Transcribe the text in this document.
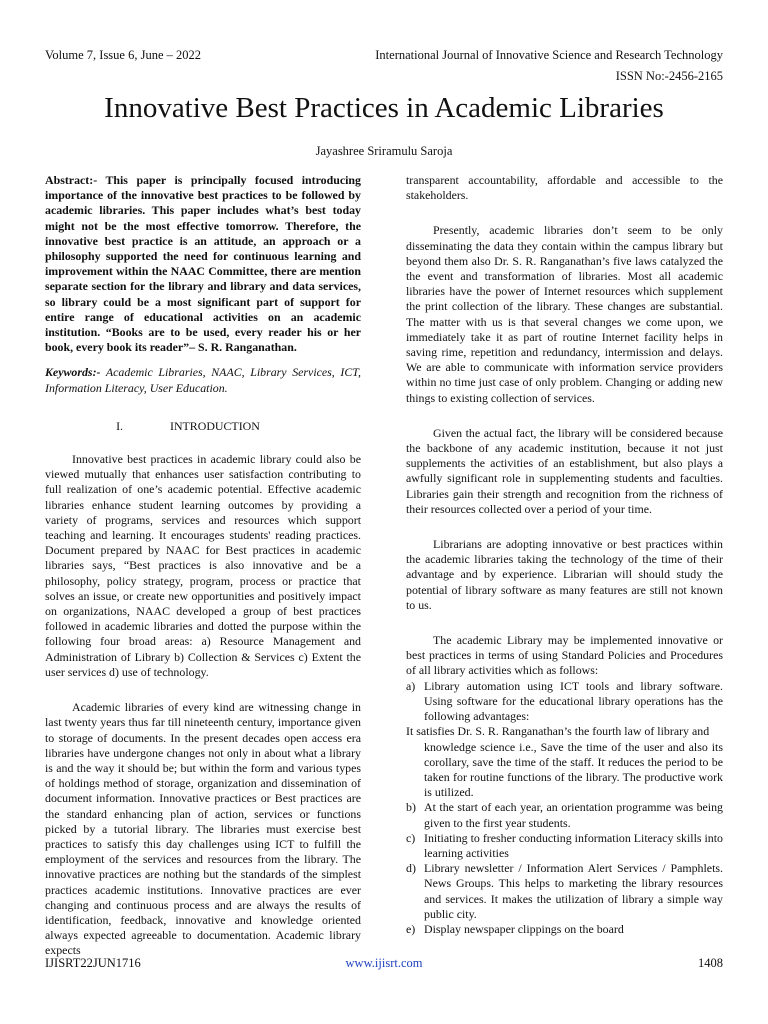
Volume 7, Issue 6, June – 2022	International Journal of Innovative Science and Research Technology
ISSN No:-2456-2165
Innovative Best Practices in Academic Libraries
Jayashree Sriramulu Saroja

Abstract:- This paper is principally focused introducing importance of the innovative best practices to be followed by academic libraries. This paper includes what’s best today might not be the most effective tomorrow. Therefore, the innovative best practice is an attitude, an approach or a philosophy supported the need for continuous learning and improvement within the NAAC Committee, there are mention separate section for the library and library and data services, so library could be a most significant part of support for entire range of educational activities on an academic institution. “Books are to be used, every reader his or her book, every book its reader”– S. R. Ranganathan.

Keywords:- Academic Libraries, NAAC, Library Services, ICT, Information Literacy, User Education.

I.	INTRODUCTION

Innovative best practices in academic library could also be viewed mutually that enhances user satisfaction contributing to full realization of one’s academic potential. Effective academic libraries enhance student learning outcomes by providing a variety of programs, services and resources which support teaching and learning. It encourages students' reading practices. Document prepared by NAAC for Best practices in academic libraries says, “Best practices is also innovative and be a philosophy, policy strategy, program, process or practice that solves an issue, or create new opportunities and positively impact on organizations, NAAC developed a group of best practices followed in academic libraries and dotted the purpose within the following four broad areas: a) Resource Management and Administration of Library b) Collection & Services c) Extent the user services d) use of technology.

Academic libraries of every kind are witnessing change in last twenty years thus far till nineteenth century, importance given to storage of documents. In the present decades open access era libraries have undergone changes not only in about what a library is and the way it should be; but within the form and various types of holdings method of storage, organization and dissemination of document information. Innovative practices or Best practices are the standard enhancing plan of action, services or functions picked by a tutorial library. The libraries must exercise best practices to satisfy this day challenges using ICT to fulfill the employment of the services and resources from the library. The innovative practices are nothing but the standards of the simplest practices academic institutions. Innovative practices are ever changing and continuous process and are always the results of identification, feedback, innovative and knowledge oriented always expected agreeable to documentation. Academic library expects

transparent accountability, affordable and accessible to the stakeholders.

Presently, academic libraries don’t seem to be only disseminating the data they contain within the campus library but beyond them also Dr. S. R. Ranganathan’s five laws catalyzed the the event and transformation of libraries. Most all academic libraries have the power of Internet resources which supplement the print collection of the library. These changes are substantial. The matter with us is that several changes we come upon, we immediately take it as part of routine Internet facility helps in saving rime, repetition and redundancy, intermission and delays. We are able to communicate with information service providers within no time just case of only problem. Changing or adding new things to existing collection of services.

Given the actual fact, the library will be considered because the backbone of any academic institution, because it not just supplements the activities of an establishment, but also plays a awfully significant role in supplementing students and faculties. Libraries gain their strength and recognition from the richness of their resources collected over a period of your time.

Librarians are adopting innovative or best practices within the academic libraries taking the technology of the time of their advantage and by experience. Librarian will should study the potential of library software as many features are still not known to us.

The academic Library may be implemented innovative or best practices in terms of using Standard Policies and Procedures of all library activities which as follows:

a) Library automation using ICT tools and library software. Using software for the educational library operations has the following advantages:

It satisfies Dr. S. R. Ranganathan’s the fourth law of library and

knowledge science i.e., Save the time of the user and also its corollary, save the time of the staff. It reduces the period to be taken for routine functions of the library. The productive work is utilized.

b) At the start of each year, an orientation programme was being given to the first year students.
c) Initiating to fresher conducting information Literacy skills into learning activities
d) Library newsletter / Information Alert Services / Pamphlets. News Groups. This helps to marketing the library resources and services. It makes the utilization of library a simple way public city.
e) Display newspaper clippings on the board
IJISRT22JUN1716	www.ijisrt.com	1408
